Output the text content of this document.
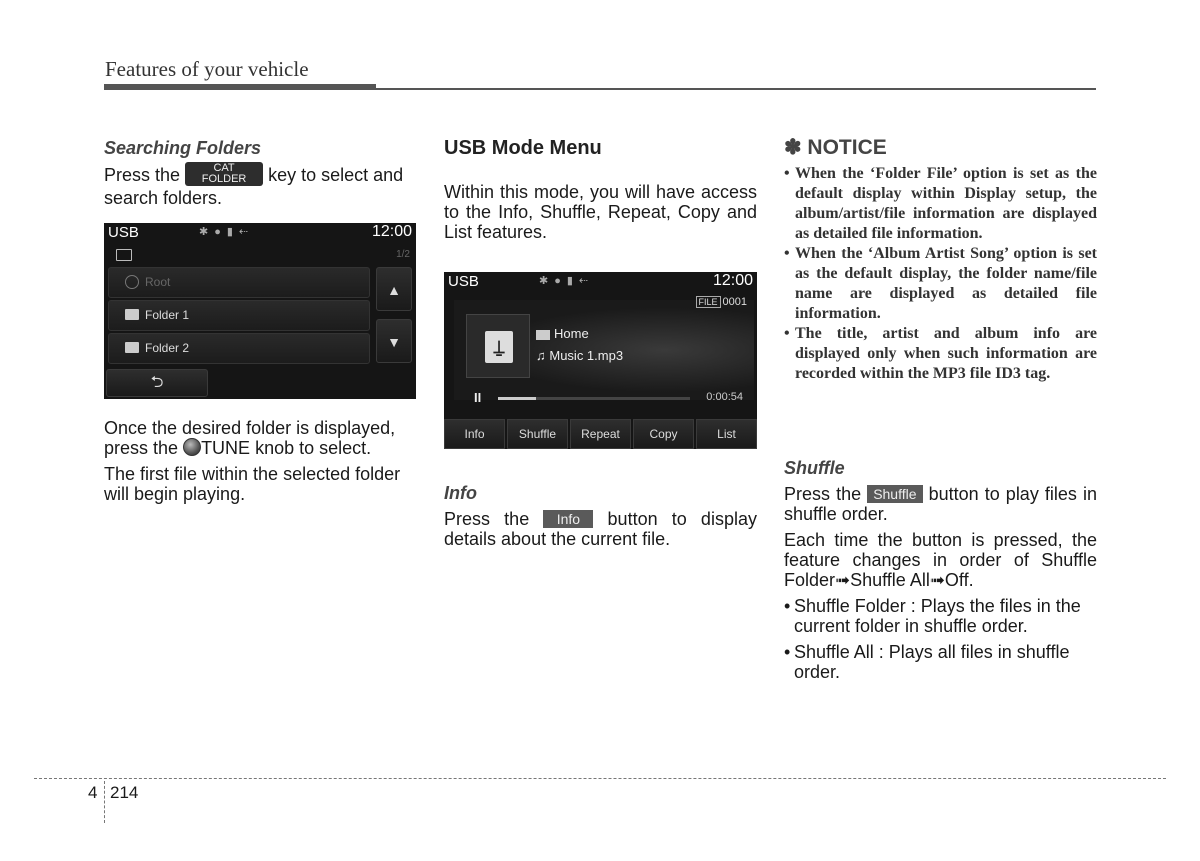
Features of your vehicle
Searching Folders
Press the	CAT
FOLDER	key to select and search folders.
USB	✱●▮⇠	12:00
1/2
Root
Folder 1
Folder 2
▲
▼
⮌
Once the desired folder is displayed, press the TUNE knob to select.
The first file within the selected folder will begin playing.
USB Mode Menu
Within this mode, you will have access to the Info, Shuffle, Repeat, Copy and List features.
USB	✱●▮⇠	12:00
FILE 0001
⍊
Home
♫ Music 1.mp3
II	0:00:54
Info	Shuffle	Repeat	Copy	List
Info
Press the Info button to display details about the current file.
✽ NOTICE
• When the ‘Folder File’ option is set as the default display within Display setup, the album/artist/file information are displayed as detailed file information.
• When the ‘Album Artist Song’ option is set as the default display, the folder name/file name are displayed as detailed file information.
• The title, artist and album info are displayed only when such information are recorded within the MP3 file ID3 tag.
Shuffle
Press the Shuffle button to play files in shuffle order.
Each time the button is pressed, the feature changes in order of Shuffle Folder➟Shuffle All➟Off.
• Shuffle Folder : Plays the files in the current folder in shuffle order.
• Shuffle All : Plays all files in shuffle order.
4 214
